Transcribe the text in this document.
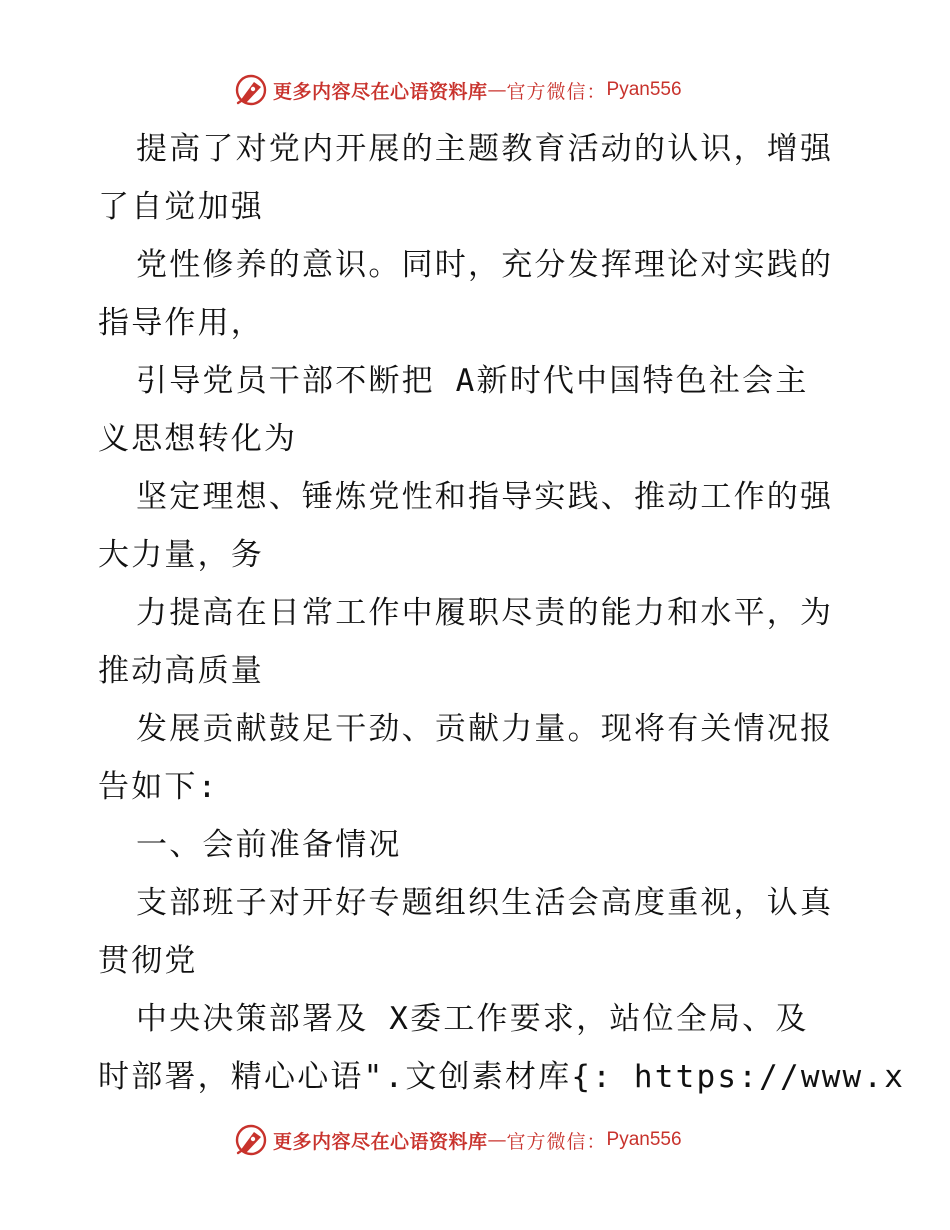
更多内容尽在心语资料库 — 官方微信： Pyan556
提高了对党内开展的主题教育活动的认识，增强
了自觉加强
党性修养的意识。同时，充分发挥理论对实践的
指导作用，
引导党员干部不断把 A新时代中国特色社会主
义思想转化为
坚定理想、锤炼党性和指导实践、推动工作的强
大力量，务
力提高在日常工作中履职尽责的能力和水平，为
推动高质量
发展贡献鼓足干劲、贡献力量。现将有关情况报
告如下:
一、会前准备情况
支部班子对开好专题组织生活会高度重视，认真
贯彻党
中央决策部署及 X委工作要求，站位全局、及
时部署，精心心语".文创素材库{: https://www.x
更多内容尽在心语资料库 — 官方微信： Pyan556
